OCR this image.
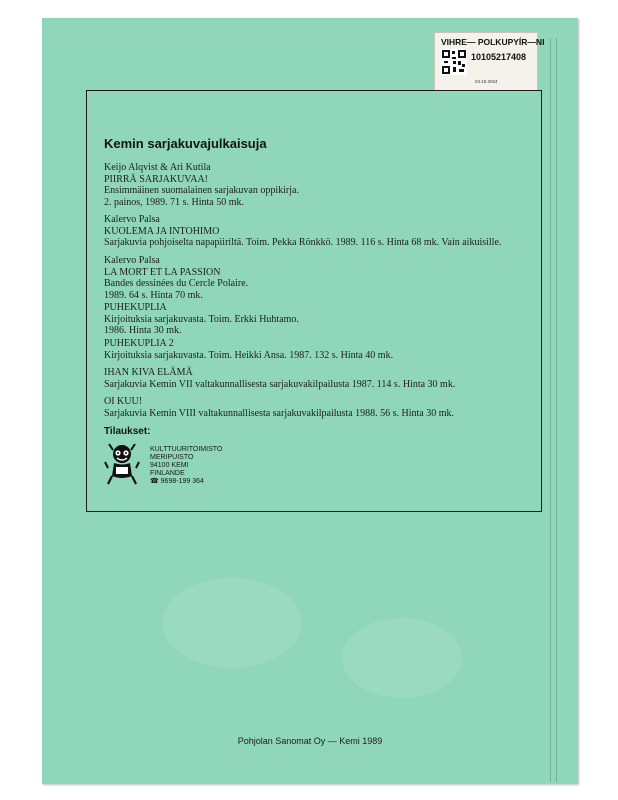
VIHRE— POLKUPYÍR—NI
10105217408
04.10.2024
Kemin sarjakuvajulkaisuja
Keijo Alqvist & Ari Kutila
PIIRRÄ SARJAKUVAA!
Ensimmäinen suomalainen sarjakuvan oppikirja.
2. painos, 1989. 71 s. Hinta 50 mk.
Kalervo Palsa
KUOLEMA JA INTOHIMO
Sarjakuvia pohjoiselta napapiiriltä. Toim. Pekka Rönkkö. 1989. 116 s. Hinta 68 mk. Vain aikuisille.
Kalervo Palsa
LA MORT ET LA PASSION
Bandes dessinées du Cercle Polaire.
1989. 64 s. Hinta 70 mk.
PUHEKUPLIA
Kirjoituksia sarjakuvasta. Toim. Erkki Huhtamo.
1986. Hinta 30 mk.
PUHEKUPLIA 2
Kirjoituksia sarjakuvasta. Toim. Heikki Ansa. 1987. 132 s. Hinta 40 mk.
IHAN KIVA ELÄMÄ
Sarjakuvia Kemin VII valtakunnallisesta sarjakuvakilpailusta 1987. 114 s. Hinta 30 mk.
OI KUU!
Sarjakuvia Kemin VIII valtakunnallisesta sarjakuvakilpailusta 1988. 56 s. Hinta 30 mk.
Tilaukset:
KULTTUURITOIMISTO
MERIPUISTO
94100 KEMI
FINLANDE
☎ 9698-199 364
Pohjolan Sanomat Oy — Kemi 1989
